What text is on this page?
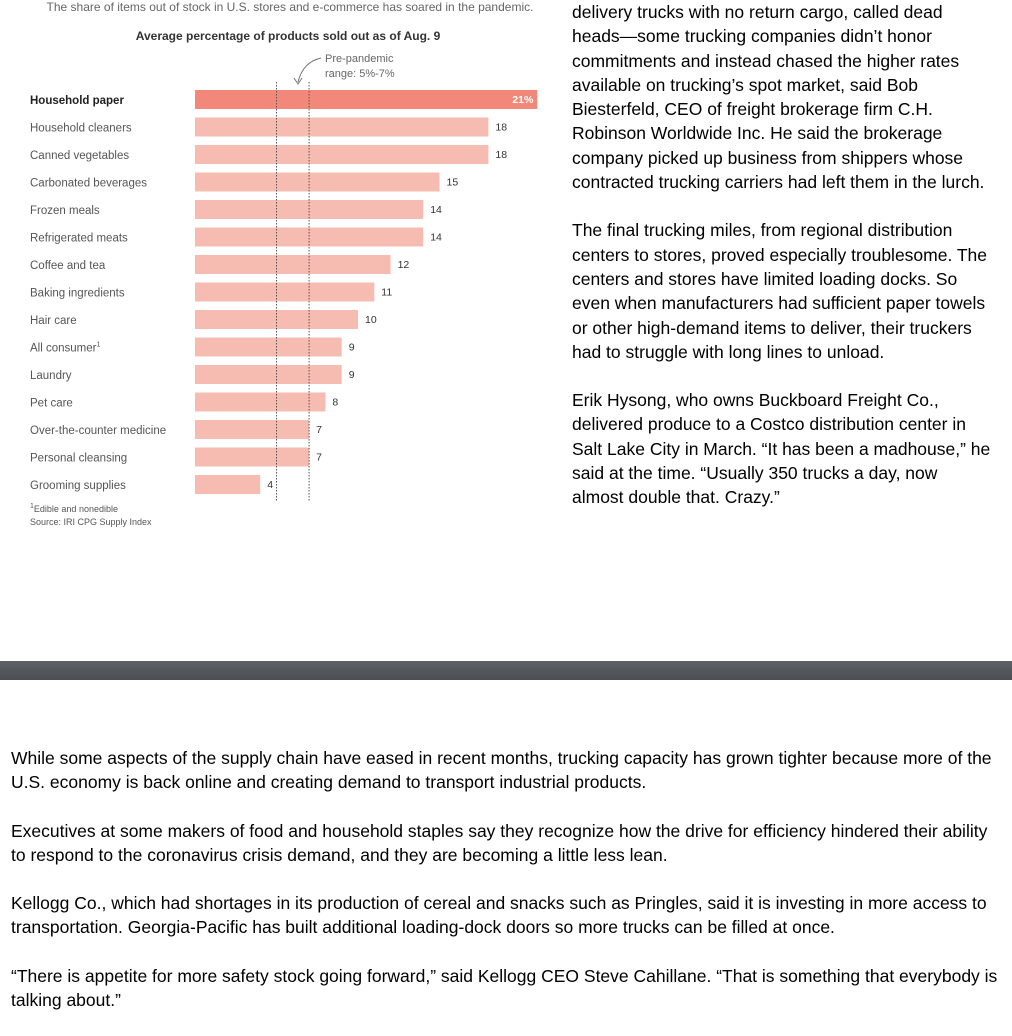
The share of items out of stock in U.S. stores and e-commerce has soared in the pandemic.
Average percentage of products sold out as of Aug. 9
Pre-pandemic
range: 5%-7%
Household paper	21%
Household cleaners	18
Canned vegetables	18
Carbonated beverages	15
Frozen meals	14
Refrigerated meats	14
Coffee and tea	12
Baking ingredients	11
Hair care	10
All consumer$^1$	9
Laundry	9
Pet care	8
Over-the-counter medicine	7
Personal cleansing	7
Grooming supplies	4
$^1$Edible and nonedible
Source: IRI CPG Supply Index

delivery trucks with no return cargo, called dead heads—some trucking companies didn’t honor commitments and instead chased the higher rates available on trucking’s spot market, said Bob Biesterfeld, CEO of freight brokerage firm C.H. Robinson Worldwide Inc. He said the brokerage company picked up business from shippers whose contracted trucking carriers had left them in the lurch.

The final trucking miles, from regional distribution centers to stores, proved especially troublesome. The centers and stores have limited loading docks. So even when manufacturers had sufficient paper towels or other high-demand items to deliver, their truckers had to struggle with long lines to unload.

Erik Hysong, who owns Buckboard Freight Co., delivered produce to a Costco distribution center in Salt Lake City in March. “It has been a madhouse,” he said at the time. “Usually 350 trucks a day, now almost double that. Crazy.”

While some aspects of the supply chain have eased in recent months, trucking capacity has grown tighter because more of the U.S. economy is back online and creating demand to transport industrial products.

Executives at some makers of food and household staples say they recognize how the drive for efficiency hindered their ability to respond to the coronavirus crisis demand, and they are becoming a little less lean.

Kellogg Co., which had shortages in its production of cereal and snacks such as Pringles, said it is investing in more access to transportation. Georgia-Pacific has built additional loading-dock doors so more trucks can be filled at once.

“There is appetite for more safety stock going forward,” said Kellogg CEO Steve Cahillane. “That is something that everybody is talking about.”
